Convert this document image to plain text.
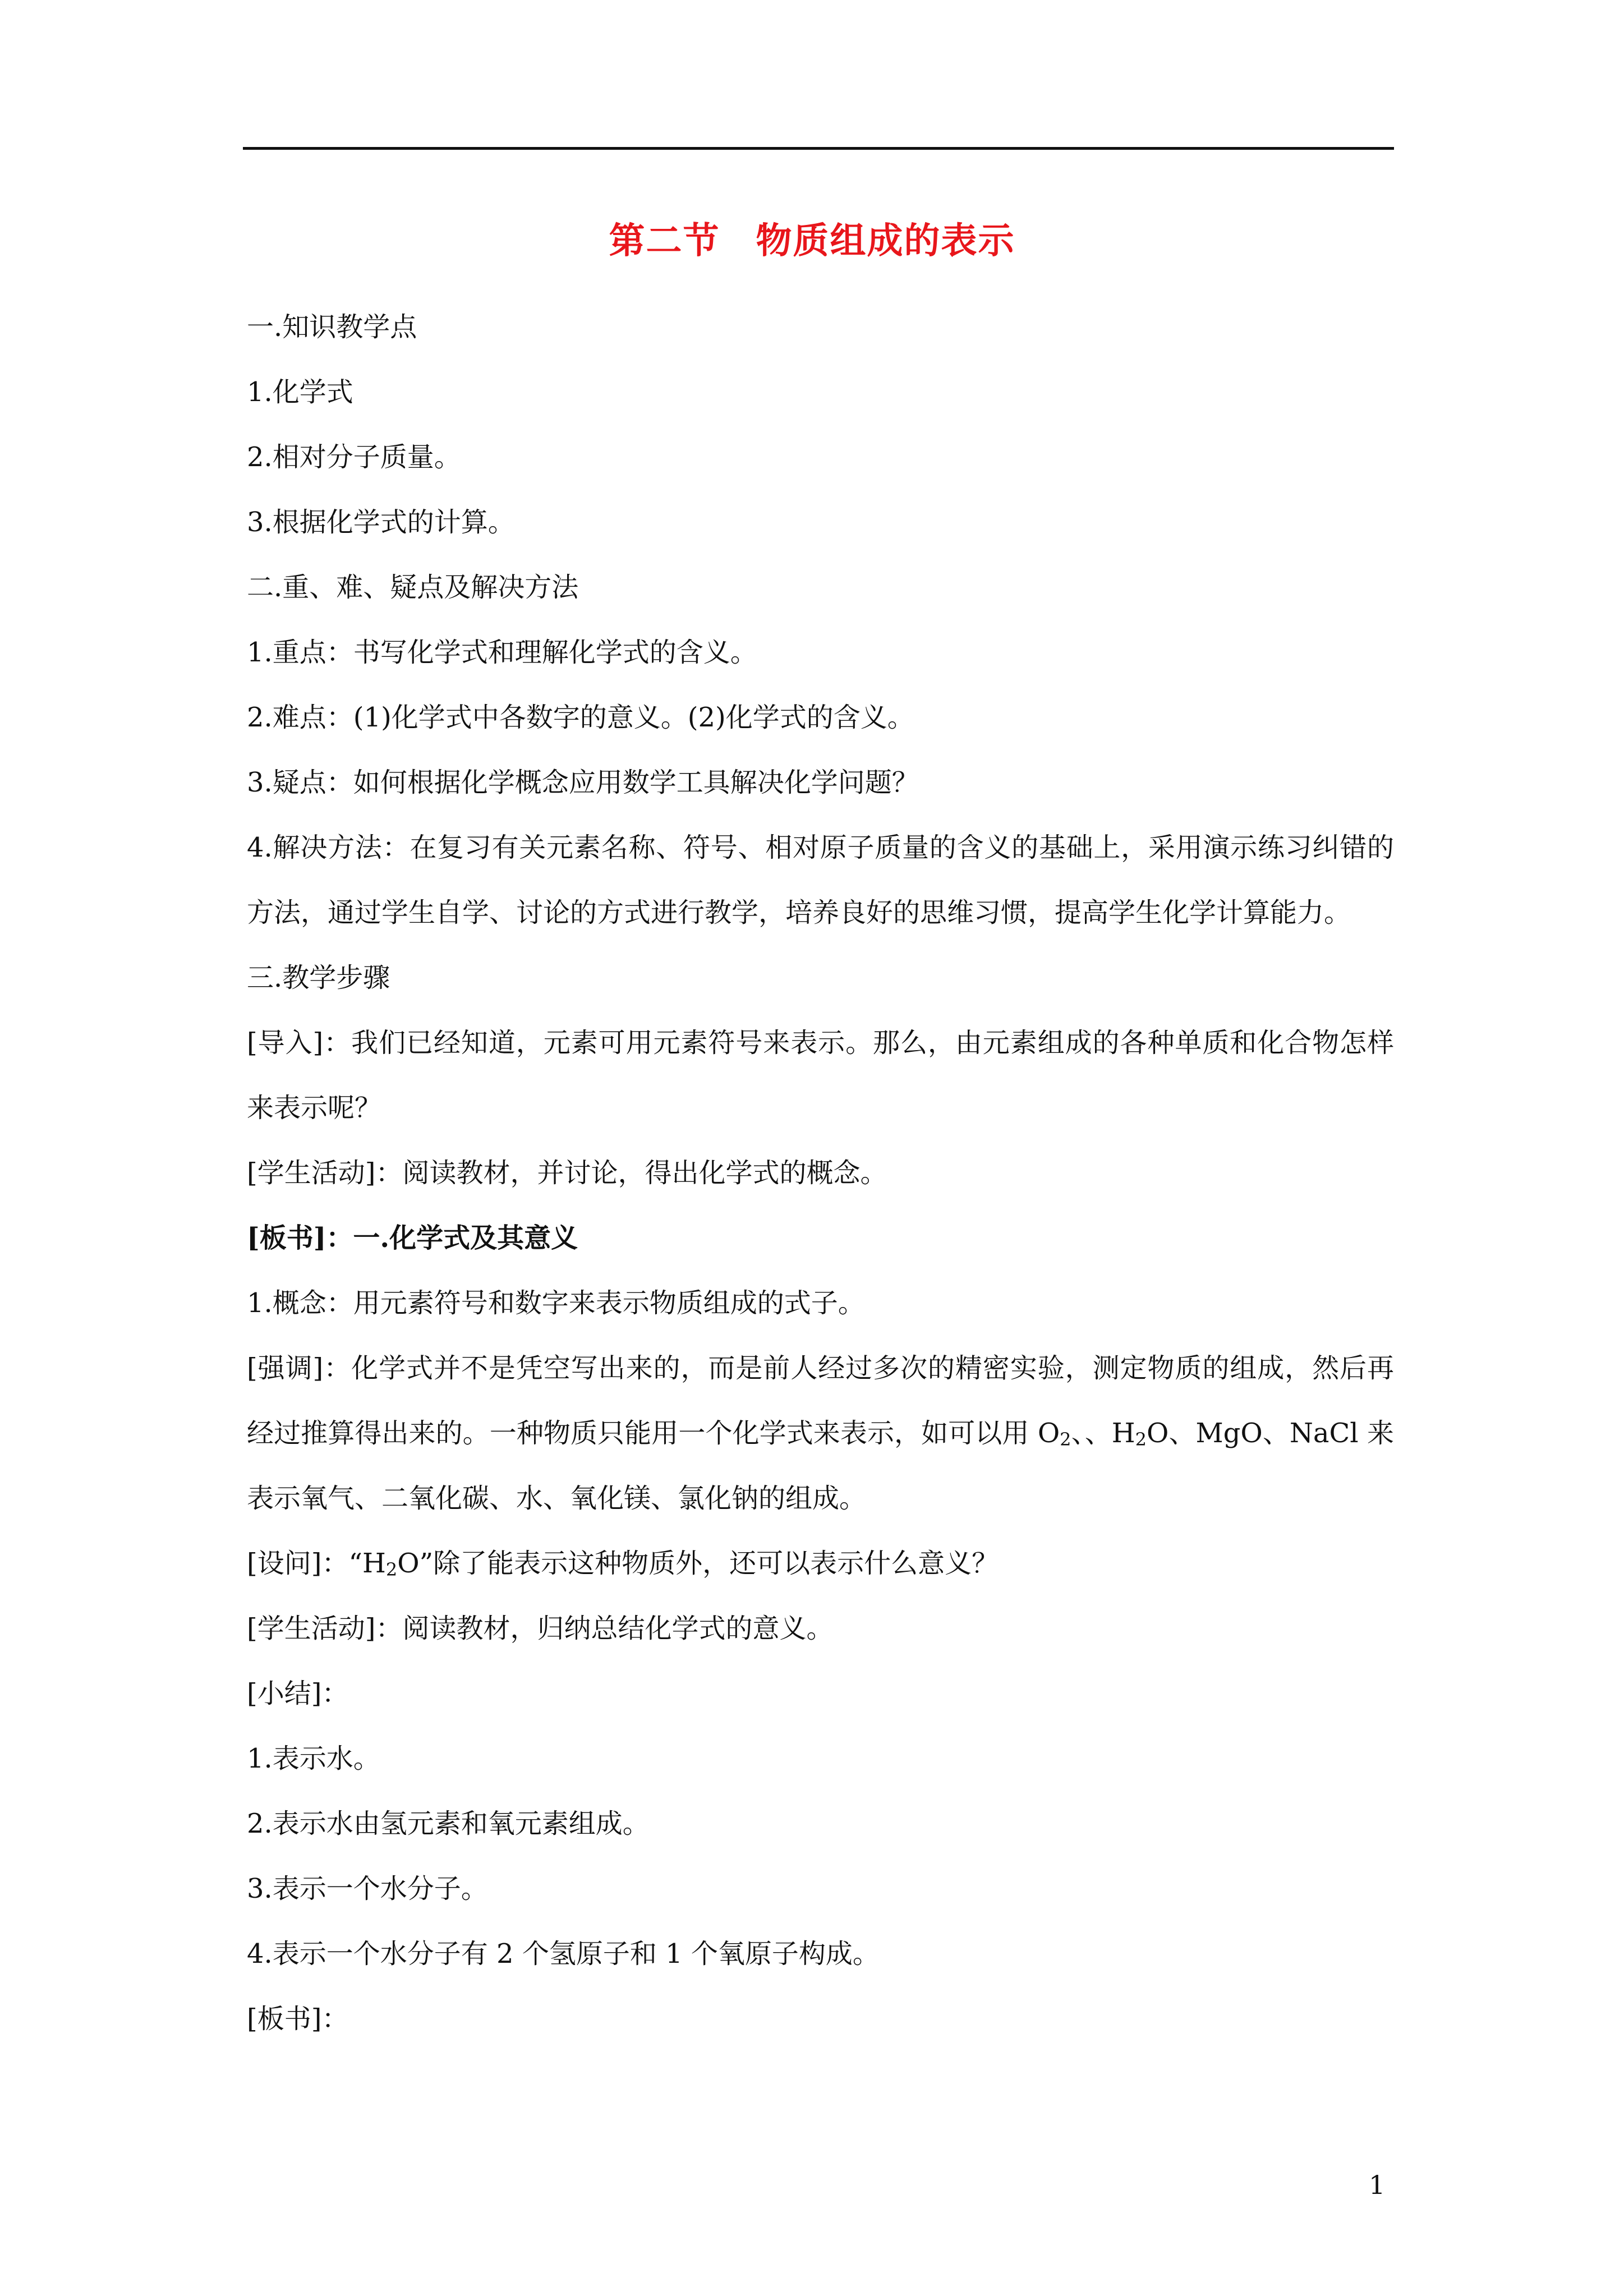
第二节 物质组成的表示
一.知识教学点
1.化学式
2.相对分子质量。
3.根据化学式的计算。
二.重、难、疑点及解决方法
1.重点：书写化学式和理解化学式的含义。
2.难点：(1)化学式中各数字的意义。(2)化学式的含义。
3.疑点：如何根据化学概念应用数学工具解决化学问题？
4.解决方法：在复习有关元素名称、符号、相对原子质量的含义的基础上，采用演示练习纠错的方法，通过学生自学、讨论的方式进行教学，培养良好的思维习惯，提高学生化学计算能力。
三.教学步骤
[导入]：我们已经知道，元素可用元素符号来表示。那么，由元素组成的各种单质和化合物怎样来表示呢？
[学生活动]：阅读教材，并讨论，得出化学式的概念。
[板书]：一.化学式及其意义
1.概念：用元素符号和数字来表示物质组成的式子。
[强调]：化学式并不是凭空写出来的，而是前人经过多次的精密实验，测定物质的组成，然后再经过推算得出来的。一种物质只能用一个化学式来表示，如可以用 $O_2$、、$H_2O$、MgO、NaCl 来表示氧气、二氧化碳、水、氧化镁、氯化钠的组成。
[设问]：“$H_2O$”除了能表示这种物质外，还可以表示什么意义？
[学生活动]：阅读教材，归纳总结化学式的意义。
[小结]：
1.表示水。
2.表示水由氢元素和氧元素组成。
3.表示一个水分子。
4.表示一个水分子有 2 个氢原子和 1 个氧原子构成。
[板书]：
1
